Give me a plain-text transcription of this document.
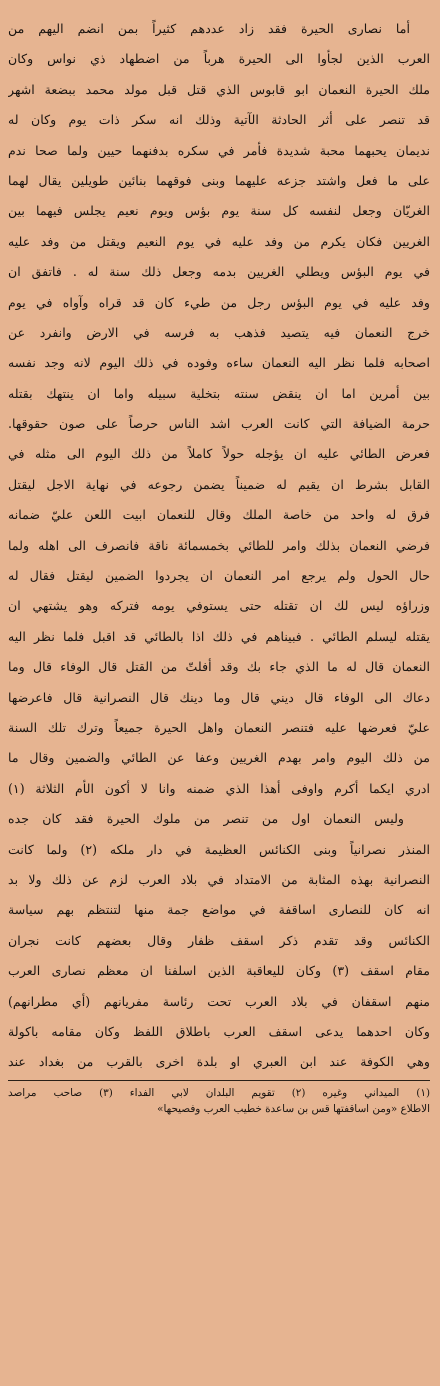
أما نصارى الحيرة فقد زاد عددهم كثيراً بمن انضم اليهم من
العرب الذين لجأوا الى الحيرة هرباً من اضطهاد ذي نواس وكان
ملك الحيرة النعمان ابو قابوس الذي قتل قبل مولد محمد ببضعة اشهر
قد تنصر على أثر الحادثة الآتية وذلك انه سكر ذات يوم وكان له
نديمان يحبهما محبة شديدة فأمر في سكره بدفنهما حيين ولما صحا ندم
على ما فعل واشتد جزعه عليهما وبنى فوقهما بنائين طويلين يقال لهما
الغريّان وجعل لنفسه كل سنة يوم بؤس ويوم نعيم يجلس فيهما بين
الغريين فكان يكرم من وفد عليه في يوم النعيم ويقتل من وفد عليه
في يوم البؤس ويطلي الغريين بدمه وجعل ذلك سنة له . فاتفق ان
وفد عليه في يوم البؤس رجل من طيء كان قد قراه وآواه في يوم
خرج النعمان فيه يتصيد فذهب به فرسه في الارض وانفرد عن
اصحابه فلما نظر اليه النعمان ساءه وفوده في ذلك اليوم لانه وجد نفسه
بين أمرين اما ان ينقض سنته بتخلية سبيله واما ان ينتهك بقتله
حرمة الضيافة التي كانت العرب اشد الناس حرصاً على صون حقوقها.
فعرض الطائي عليه ان يؤجله حولاً كاملاً من ذلك اليوم الى مثله في
القابل بشرط ان يقيم له ضميناً يضمن رجوعه في نهاية الاجل ليقتل
فرق له واحد من خاصة الملك وقال للنعمان ابيت اللعن عليّ ضمانه
فرضي النعمان بذلك وامر للطائي بخمسمائة ناقة فانصرف الى اهله ولما
حال الحول ولم يرجع امر النعمان ان يجردوا الضمين ليقتل فقال له
وزراؤه ليس لك ان تقتله حتى يستوفي يومه فتركه وهو يشتهي ان
يقتله ليسلم الطائي . فبيناهم في ذلك اذا بالطائي قد اقبل فلما نظر اليه
النعمان قال له ما الذي جاء بك وقد أفلتّ من القتل قال الوفاء قال وما
دعاك الى الوفاء قال ديني قال وما دينك قال النصرانية قال فاعرضها
عليّ فعرضها عليه فتنصر النعمان واهل الحيرة جميعاً وترك تلك السنة
من ذلك اليوم وامر بهدم الغريين وعفا عن الطائي والضمين وقال ما
ادري ايكما أكرم واوفى أهذا الذي ضمنه وانا لا أكون الأم الثلاثة (١)
وليس النعمان اول من تنصر من ملوك الحيرة فقد كان جده
المنذر نصرانياً وبنى الكنائس العظيمة في دار ملكه (٢) ولما كانت
النصرانية بهذه المثابة من الامتداد في بلاد العرب لزم عن ذلك ولا بد
انه كان للنصارى اساقفة في مواضع جمة منها لتنتظم بهم سياسة
الكنائس وقد تقدم ذكر اسقف ظفار وقال بعضهم كانت نجران
مقام اسقف (٣) وكان لليعاقبة الذين اسلفنا ان معظم نصارى العرب
منهم اسقفان في بلاد العرب تحت رئاسة مفريانهم (أي مطرانهم)
وكان احدهما يدعى اسقف العرب باطلاق اللفظ وكان مقامه باكولة
وهي الكوفة عند ابن العبري او بلدة اخرى بالقرب من بغداد عند
(١) الميداني وغيره (٢) تقويم البلدان لابي الفداء (٣) صاحب مراصد
الاطلاع «ومن اساقفتها قس بن ساعدة خطيب العرب وفصيحها»
